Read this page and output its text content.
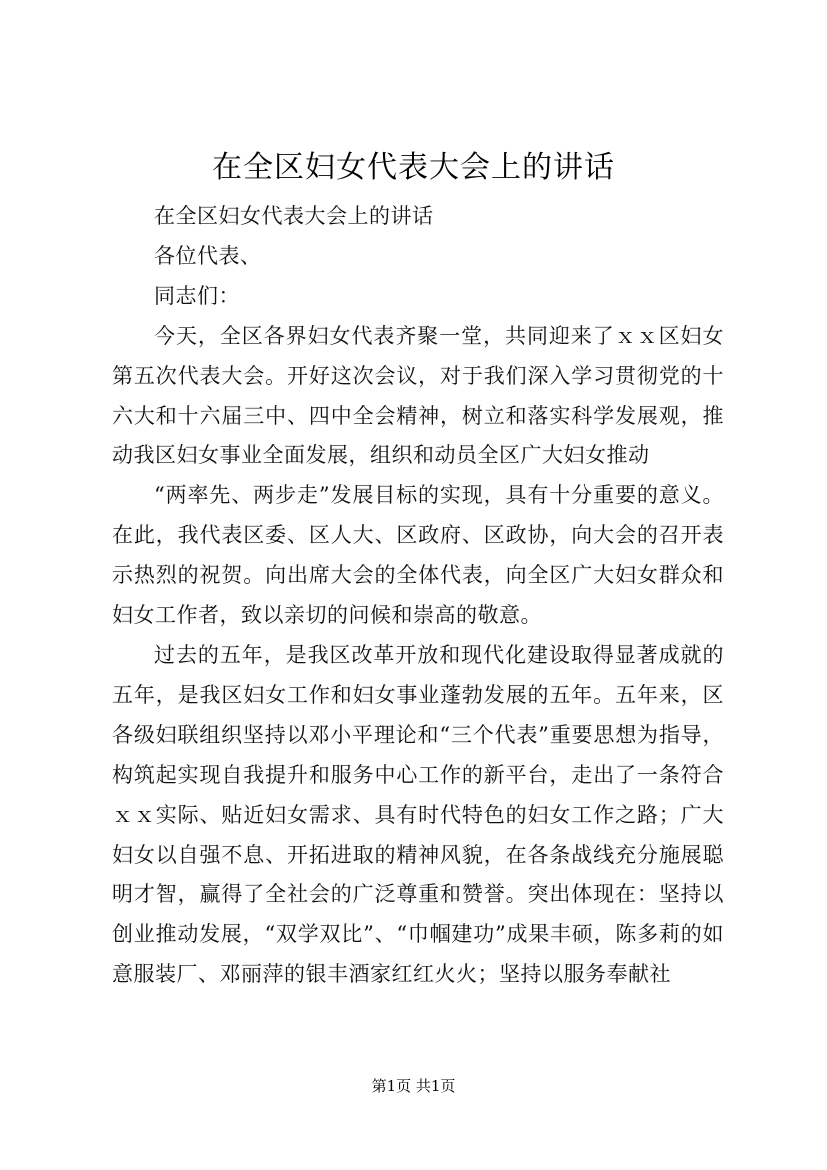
在全区妇女代表大会上的讲话

在全区妇女代表大会上的讲话

各位代表、

同志们：

今天，全区各界妇女代表齐聚一堂，共同迎来了ｘｘ区妇女第五次代表大会。开好这次会议，对于我们深入学习贯彻党的十六大和十六届三中、四中全会精神，树立和落实科学发展观，推动我区妇女事业全面发展，组织和动员全区广大妇女推动

“两率先、两步走”发展目标的实现，具有十分重要的意义。在此，我代表区委、区人大、区政府、区政协，向大会的召开表示热烈的祝贺。向出席大会的全体代表，向全区广大妇女群众和妇女工作者，致以亲切的问候和崇高的敬意。

过去的五年，是我区改革开放和现代化建设取得显著成就的五年，是我区妇女工作和妇女事业蓬勃发展的五年。五年来，区各级妇联组织坚持以邓小平理论和“三个代表”重要思想为指导，构筑起实现自我提升和服务中心工作的新平台，走出了一条符合ｘｘ实际、贴近妇女需求、具有时代特色的妇女工作之路；广大妇女以自强不息、开拓进取的精神风貌，在各条战线充分施展聪明才智，赢得了全社会的广泛尊重和赞誉。突出体现在：坚持以创业推动发展，“双学双比”、“巾帼建功”成果丰硕，陈多莉的如意服装厂、邓丽萍的银丰酒家红红火火；坚持以服务奉献社

第1页 共1页
